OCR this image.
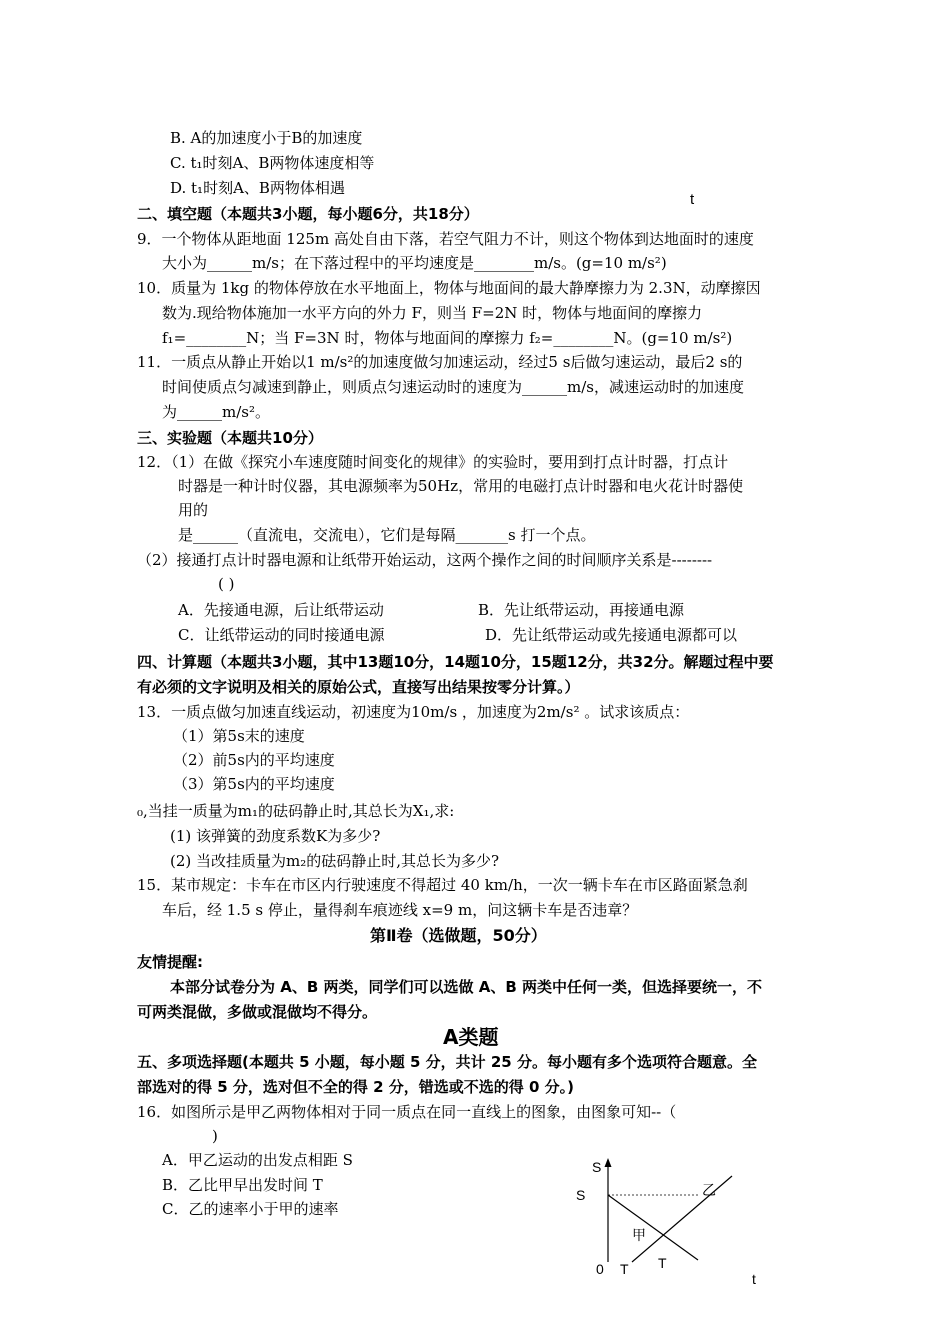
B. A的加速度小于B的加速度
C. t₁时刻A、B两物体速度相等
D. t₁时刻A、B两物体相遇
t
二、填空题（本题共3小题，每小题6分，共18分）
9．一个物体从距地面 125m 高处自由下落，若空气阻力不计，则这个物体到达地面时的速度
大小为______m/s；在下落过程中的平均速度是________m/s。(g=10 m/s²)
10．质量为 1kg 的物体停放在水平地面上，物体与地面间的最大静摩擦力为 2.3N，动摩擦因
数为.现给物体施加一水平方向的外力 F，则当 F=2N 时，物体与地面间的摩擦力
f₁=________N；当 F=3N 时，物体与地面间的摩擦力 f₂=________N。(g=10 m/s²)
11．一质点从静止开始以1 m/s²的加速度做匀加速运动，经过5 s后做匀速运动，最后2 s的
时间使质点匀减速到静止，则质点匀速运动时的速度为______m/s，减速运动时的加速度
为______m/s²。
三、实验题（本题共10分）
12．（1）在做《探究小车速度随时间变化的规律》的实验时，要用到打点计时器，打点计
时器是一种计时仪器，其电源频率为50Hz，常用的电磁打点计时器和电火花计时器使
用的
是______（直流电，交流电），它们是每隔_______s 打一个点。
（2）接通打点计时器电源和让纸带开始运动，这两个操作之间的时间顺序关系是--------
( )
A．先接通电源，后让纸带运动	B．先让纸带运动，再接通电源
C．让纸带运动的同时接通电源	D．先让纸带运动或先接通电源都可以
四、计算题（本题共3小题，其中13题10分，14题10分，15题12分，共32分。解题过程中要
有必须的文字说明及相关的原始公式，直接写出结果按零分计算。）
13．一质点做匀加速直线运动，初速度为10m/s ，加速度为2m/s² 。试求该质点：
（1）第5s末的速度
（2）前5s内的平均速度
（3）第5s内的平均速度
₀,当挂一质量为m₁的砝码静止时,其总长为X₁,求:
(1) 该弹簧的劲度系数K为多少?
(2) 当改挂质量为m₂的砝码静止时,其总长为多少?
15．某市规定：卡车在市区内行驶速度不得超过 40 km/h，一次一辆卡车在市区路面紧急刹
车后，经 1.5 s 停止，量得刹车痕迹线 x=9 m，问这辆卡车是否违章？
第Ⅱ卷（选做题，50分）
友情提醒:
本部分试卷分为 A、B 两类，同学们可以选做 A、B 两类中任何一类，但选择要统一，不
可两类混做，多做或混做均不得分。
A类题
五、多项选择题(本题共 5 小题，每小题 5 分，共计 25 分。每小题有多个选项符合题意。全
部选对的得 5 分，选对但不全的得 2 分，错选或不选的得 0 分。)
16．如图所示是甲乙两物体相对于同一质点在同一直线上的图象，由图象可知--（
)
A．甲乙运动的出发点相距 S
B．乙比甲早出发时间 T
C．乙的速率小于甲的速率
S
S	乙
甲
0 T T
t
